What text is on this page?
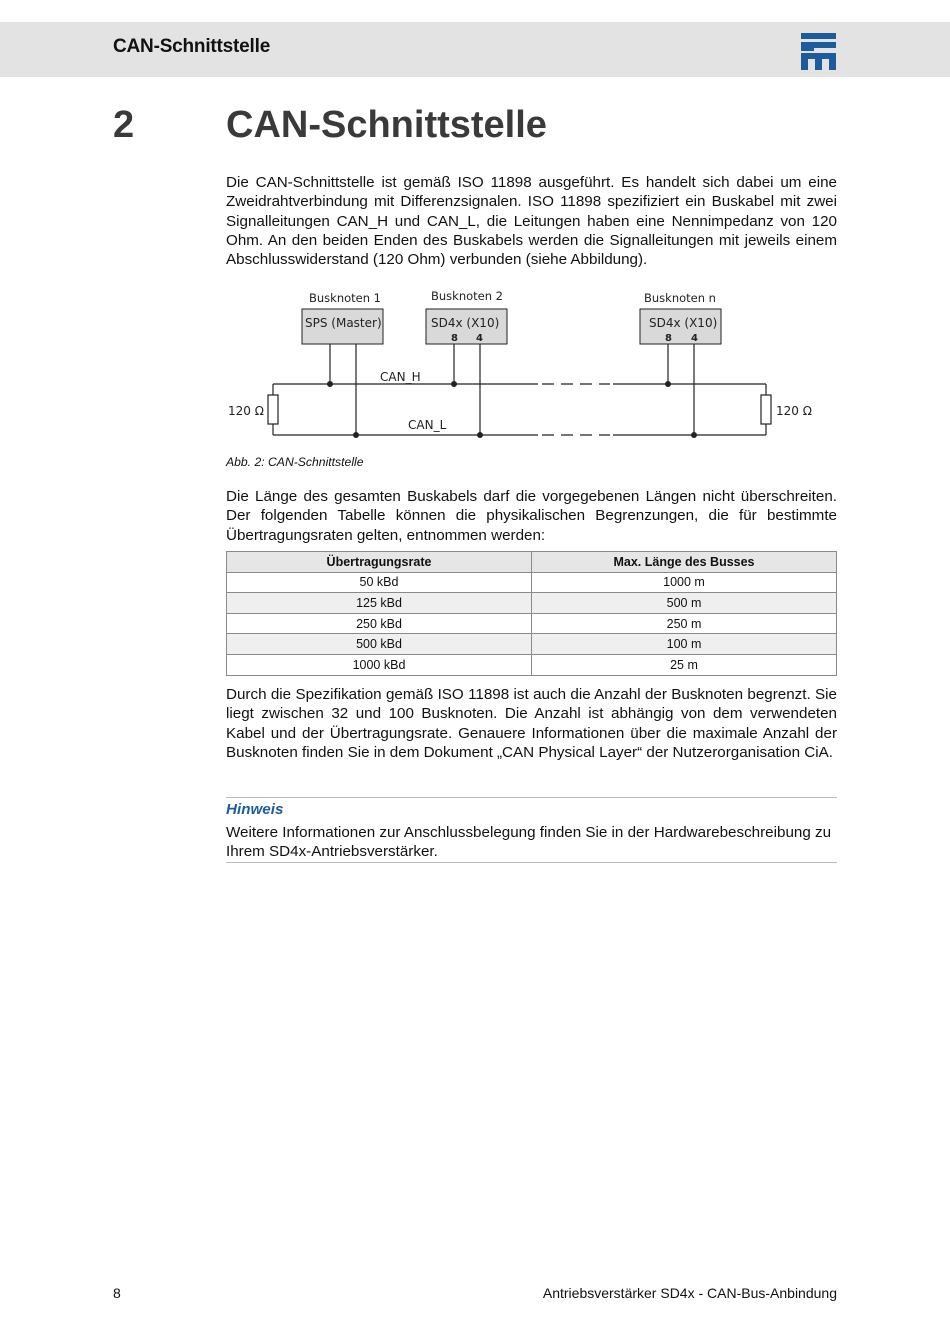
CAN-Schnittstelle
2 CAN-Schnittstelle

Die CAN-Schnittstelle ist gemäß ISO 11898 ausgeführt. Es handelt sich dabei um eine Zweidrahtverbindung mit Differenzsignalen. ISO 11898 spezifiziert ein Buskabel mit zwei Signalleitungen CAN_H und CAN_L, die Leitungen haben eine Nennimpedanz von 120 Ohm. An den beiden Enden des Buskabels werden die Signalleitungen mit jeweils einem Abschlusswiderstand (120 Ohm) verbunden (siehe Abbildung).

Busknoten 1	Busknoten 2	Busknoten n
SPS (Master)	SD4x (X10)
8 4
SD4x (X10)
8 4
CAN_H
CAN_L
120 Ω	120 Ω
Abb. 2: CAN-Schnittstelle

Die Länge des gesamten Buskabels darf die vorgegebenen Längen nicht überschreiten. Der folgenden Tabelle können die physikalischen Begrenzungen, die für bestimmte Übertragungsraten gelten, entnommen werden:

Übertragungsrate	Max. Länge des Busses
50 kBd	1000 m
125 kBd	500 m
250 kBd	250 m
500 kBd	100 m
1000 kBd	25 m

Durch die Spezifikation gemäß ISO 11898 ist auch die Anzahl der Busknoten begrenzt. Sie liegt zwischen 32 und 100 Busknoten. Die Anzahl ist abhängig von dem verwendeten Kabel und der Übertragungsrate. Genauere Informationen über die maximale Anzahl der Busknoten finden Sie in dem Dokument „CAN Physical Layer“ der Nutzerorganisation CiA.

Hinweis

Weitere Informationen zur Anschlussbelegung finden Sie in der Hardwarebeschreibung zu Ihrem SD4x-Antriebsverstärker.

8	Antriebsverstärker SD4x - CAN-Bus-Anbindung
